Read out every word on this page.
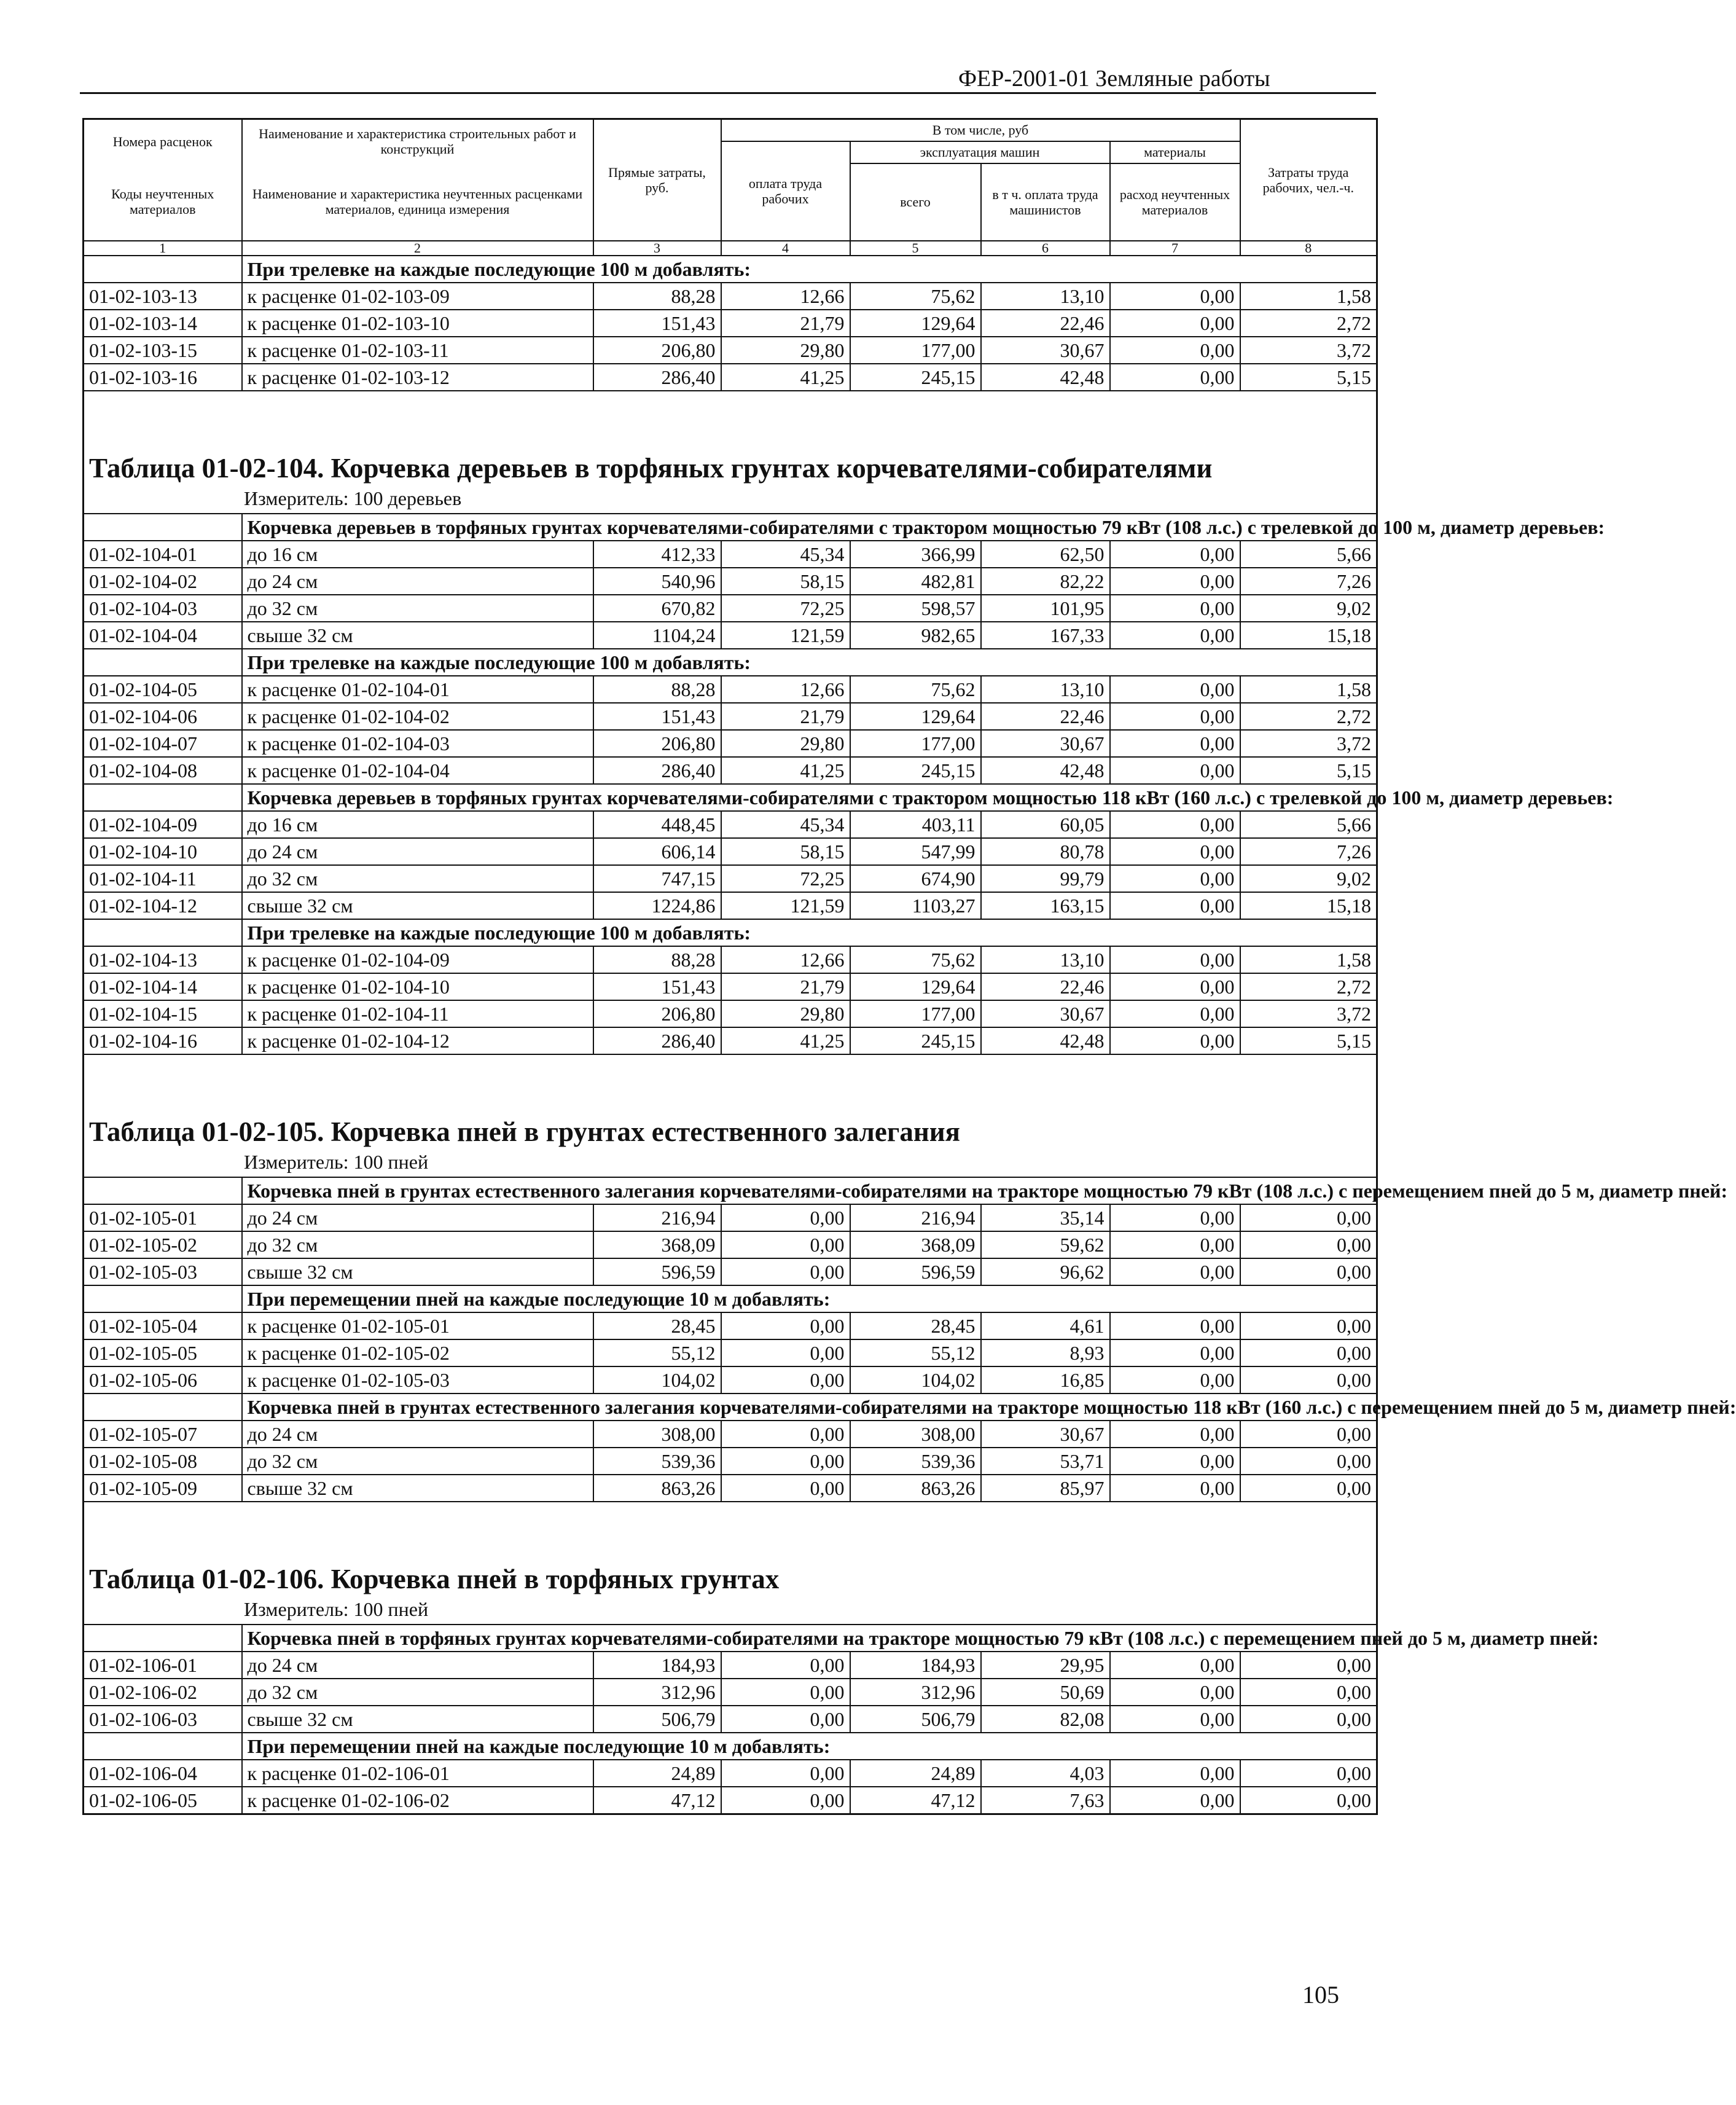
ФЕР-2001-01 Земляные работы
Номера расценок	Наименование и характеристика строительных работ и конструкций	Прямые затраты, руб.	В том числе, руб				Затраты труда рабочих, чел.-ч.
			оплата труда рабочих	эксплуатация машин		материалы	
Коды неучтенных материалов	Наименование и характеристика неучтенных расценками материалов, единица измерения			всего	в т ч. оплата труда машинистов	расход неучтенных материалов	

1	2	3	4	5	6	7	8
	При трелевке на каждые последующие 100 м добавлять:						
01-02-103-13	к расценке 01-02-103-09	88,28	12,66	75,62	13,10	0,00	1,58
01-02-103-14	к расценке 01-02-103-10	151,43	21,79	129,64	22,46	0,00	2,72
01-02-103-15	к расценке 01-02-103-11	206,80	29,80	177,00	30,67	0,00	3,72
01-02-103-16	к расценке 01-02-103-12	286,40	41,25	245,15	42,48	0,00	5,15

Таблица 01-02-104. Корчевка деревьев в торфяных грунтах корчевателями-собирателями							
Измеритель: 100 деревьев							
	Корчевка деревьев в торфяных грунтах корчевателями-собирателями с трактором мощностью 79 кВт (108 л.с.) с трелевкой до 100 м, диаметр деревьев:						
01-02-104-01	до 16 см	412,33	45,34	366,99	62,50	0,00	5,66
01-02-104-02	до 24 см	540,96	58,15	482,81	82,22	0,00	7,26
01-02-104-03	до 32 см	670,82	72,25	598,57	101,95	0,00	9,02
01-02-104-04	свыше 32 см	1104,24	121,59	982,65	167,33	0,00	15,18
	При трелевке на каждые последующие 100 м добавлять:						
01-02-104-05	к расценке 01-02-104-01	88,28	12,66	75,62	13,10	0,00	1,58
01-02-104-06	к расценке 01-02-104-02	151,43	21,79	129,64	22,46	0,00	2,72
01-02-104-07	к расценке 01-02-104-03	206,80	29,80	177,00	30,67	0,00	3,72
01-02-104-08	к расценке 01-02-104-04	286,40	41,25	245,15	42,48	0,00	5,15
	Корчевка деревьев в торфяных грунтах корчевателями-собирателями с трактором мощностью 118 кВт (160 л.с.) с трелевкой до 100 м, диаметр деревьев:						
01-02-104-09	до 16 см	448,45	45,34	403,11	60,05	0,00	5,66
01-02-104-10	до 24 см	606,14	58,15	547,99	80,78	0,00	7,26
01-02-104-11	до 32 см	747,15	72,25	674,90	99,79	0,00	9,02
01-02-104-12	свыше 32 см	1224,86	121,59	1103,27	163,15	0,00	15,18
	При трелевке на каждые последующие 100 м добавлять:						
01-02-104-13	к расценке 01-02-104-09	88,28	12,66	75,62	13,10	0,00	1,58
01-02-104-14	к расценке 01-02-104-10	151,43	21,79	129,64	22,46	0,00	2,72
01-02-104-15	к расценке 01-02-104-11	206,80	29,80	177,00	30,67	0,00	3,72
01-02-104-16	к расценке 01-02-104-12	286,40	41,25	245,15	42,48	0,00	5,15

Таблица 01-02-105. Корчевка пней в грунтах естественного залегания							
Измеритель: 100 пней							
	Корчевка пней в грунтах естественного залегания корчевателями-собирателями на тракторе мощностью 79 кВт (108 л.с.) с перемещением пней до 5 м, диаметр пней:						
01-02-105-01	до 24 см	216,94	0,00	216,94	35,14	0,00	0,00
01-02-105-02	до 32 см	368,09	0,00	368,09	59,62	0,00	0,00
01-02-105-03	свыше 32 см	596,59	0,00	596,59	96,62	0,00	0,00
	При перемещении пней на каждые последующие 10 м добавлять:						
01-02-105-04	к расценке 01-02-105-01	28,45	0,00	28,45	4,61	0,00	0,00
01-02-105-05	к расценке 01-02-105-02	55,12	0,00	55,12	8,93	0,00	0,00
01-02-105-06	к расценке 01-02-105-03	104,02	0,00	104,02	16,85	0,00	0,00
	Корчевка пней в грунтах естественного залегания корчевателями-собирателями на тракторе мощностью 118 кВт (160 л.с.) с перемещением пней до 5 м, диаметр пней:						
01-02-105-07	до 24 см	308,00	0,00	308,00	30,67	0,00	0,00
01-02-105-08	до 32 см	539,36	0,00	539,36	53,71	0,00	0,00
01-02-105-09	свыше 32 см	863,26	0,00	863,26	85,97	0,00	0,00

Таблица 01-02-106. Корчевка пней в торфяных грунтах							
Измеритель: 100 пней							
	Корчевка пней в торфяных грунтах корчевателями-собирателями на тракторе мощностью 79 кВт (108 л.с.) с перемещением пней до 5 м, диаметр пней:						
01-02-106-01	до 24 см	184,93	0,00	184,93	29,95	0,00	0,00
01-02-106-02	до 32 см	312,96	0,00	312,96	50,69	0,00	0,00
01-02-106-03	свыше 32 см	506,79	0,00	506,79	82,08	0,00	0,00
	При перемещении пней на каждые последующие 10 м добавлять:						
01-02-106-04	к расценке 01-02-106-01	24,89	0,00	24,89	4,03	0,00	0,00
01-02-106-05	к расценке 01-02-106-02	47,12	0,00	47,12	7,63	0,00	0,00
105
